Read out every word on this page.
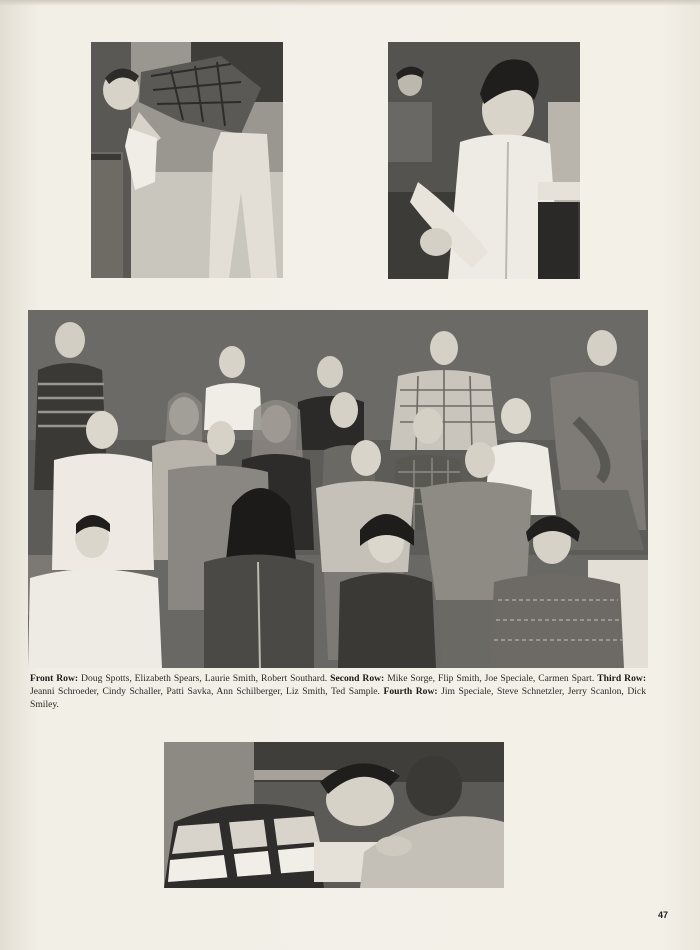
Front Row: Doug Spotts, Elizabeth Spears, Laurie Smith, Robert Southard. Second Row: Mike Sorge, Flip Smith, Joe Speciale, Carmen Spart. Third Row: Jeanni Schroeder, Cindy Schaller, Patti Savka, Ann Schilberger, Liz Smith, Ted Sample. Fourth Row: Jim Speciale, Steve Schnetzler, Jerry Scanlon, Dick Smiley.
47
